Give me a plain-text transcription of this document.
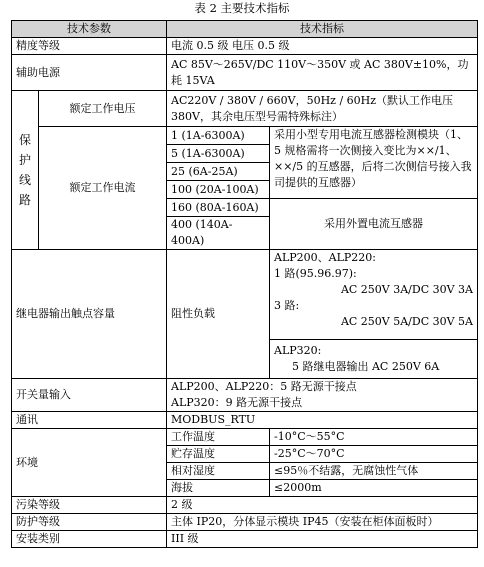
表 2 主要技术指标
技术参数		技术指标	
精度等级		电流 0.5 级 电压 0.5 级	
辅助电源		AC 85V～265V/DC 110V～350V 或 AC 380V±10%，功耗 15VA	

保
护
线
路	额定工作电压	AC220V / 380V / 660V，50Hz / 60Hz（默认工作电压 380V，其余电压型号需特殊标注）	
	额定工作电流	1 (1A-6300A)	采用小型专用电流互感器检测模块（1、5 规格需将一次侧接入变比为××/1、××/5 的互感器，后将二次侧信号接入我司提供的互感器）
		5 (1A-6300A)	
		25 (6A-25A)	
		100 (20A-100A)	
		160 (80A-160A)	采用外置电流互感器
		400 (140A-400A)	
继电器输出触点容量		阻性负载	ALP200、ALP220:
1 路(95.96.97):
AC 250V 3A/DC 30V 3A
3 路:
AC 250V 5A/DC 30V 5A

			ALP320:
5 路继电器输出 AC 250V 6A

开关量输入		ALP200、ALP220：5 路无源干接点
ALP320：9 路无源干接点	

通讯		MODBUS_RTU	
环境		工作温度	-10°C～55°C
		贮存温度	-25°C～70°C
		相对湿度	≤95％不结露，无腐蚀性气体
		海拔	≤2000m
污染等级		2 级	
防护等级		主体 IP20，分体显示模块 IP45（安装在柜体面板时）	
安装类别		III 级	
